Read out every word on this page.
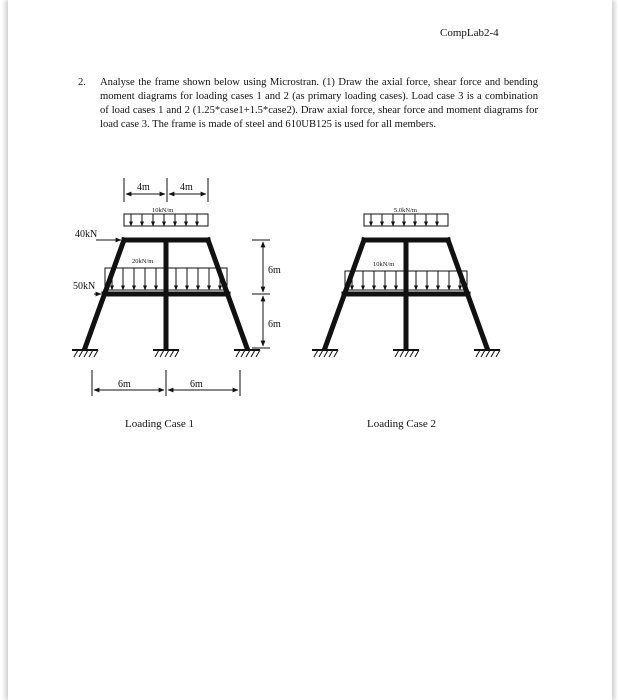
CompLab2-4
2. Analyse the frame shown below using Microstran. (1) Draw the axial force, shear force and bending moment diagrams for loading cases 1 and 2 (as primary loading cases). Load case 3 is a combination of load cases 1 and 2 (1.25*case1+1.5*case2). Draw axial force, shear force and moment diagrams for load case 3. The frame is made of steel and 610UB125 is used for all members.
4m	4m
10kN/m
40kN
20kN/m
50kN
6m
6m
6m	6m
Loading Case 1
5.0kN/m
10kN/m
Loading Case 2
